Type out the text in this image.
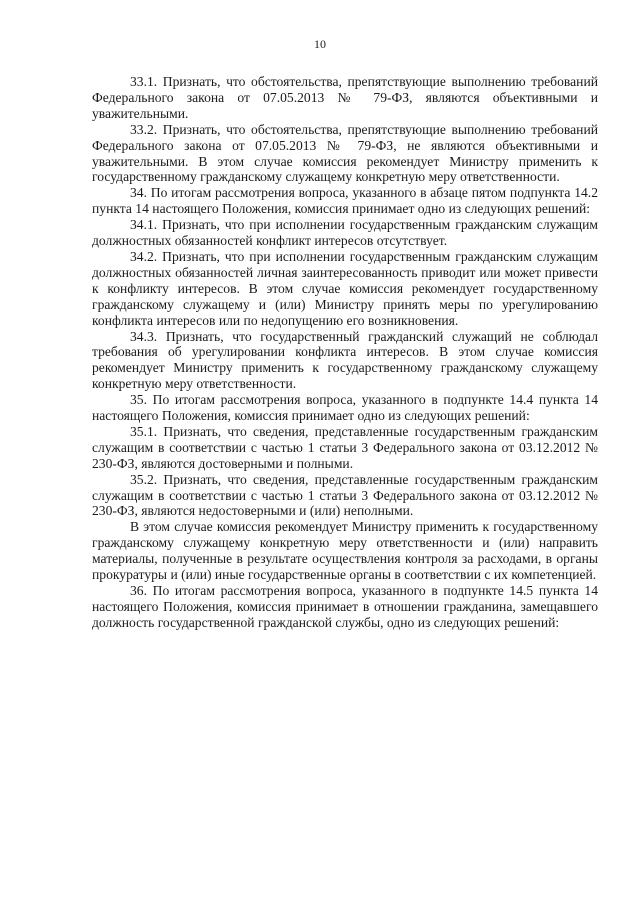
10

33.1. Признать, что обстоятельства, препятствующие выполнению требований Федерального закона от 07.05.2013 № 79-ФЗ, являются объективными и уважительными.

33.2. Признать, что обстоятельства, препятствующие выполнению требований Федерального закона от 07.05.2013 № 79-ФЗ, не являются объективными и уважительными. В этом случае комиссия рекомендует Министру применить к государственному гражданскому служащему конкретную меру ответственности.

34. По итогам рассмотрения вопроса, указанного в абзаце пятом подпункта 14.2 пункта 14 настоящего Положения, комиссия принимает одно из следующих решений:

34.1. Признать, что при исполнении государственным гражданским служащим должностных обязанностей конфликт интересов отсутствует.

34.2. Признать, что при исполнении государственным гражданским служащим должностных обязанностей личная заинтересованность приводит или может привести к конфликту интересов. В этом случае комиссия рекомендует государственному гражданскому служащему и (или) Министру принять меры по урегулированию конфликта интересов или по недопущению его возникновения.

34.3. Признать, что государственный гражданский служащий не соблюдал требования об урегулировании конфликта интересов. В этом случае комиссия рекомендует Министру применить к государственному гражданскому служащему конкретную меру ответственности.

35. По итогам рассмотрения вопроса, указанного в подпункте 14.4 пункта 14 настоящего Положения, комиссия принимает одно из следующих решений:

35.1. Признать, что сведения, представленные государственным гражданским служащим в соответствии с частью 1 статьи 3 Федерального закона от 03.12.2012 № 230-ФЗ, являются достоверными и полными.

35.2. Признать, что сведения, представленные государственным гражданским служащим в соответствии с частью 1 статьи 3 Федерального закона от 03.12.2012 № 230-ФЗ, являются недостоверными и (или) неполными.

В этом случае комиссия рекомендует Министру применить к государственному гражданскому служащему конкретную меру ответственности и (или) направить материалы, полученные в результате осуществления контроля за расходами, в органы прокуратуры и (или) иные государственные органы в соответствии с их компетенцией.

36. По итогам рассмотрения вопроса, указанного в подпункте 14.5 пункта 14 настоящего Положения, комиссия принимает в отношении гражданина, замещавшего должность государственной гражданской службы, одно из следующих решений:
